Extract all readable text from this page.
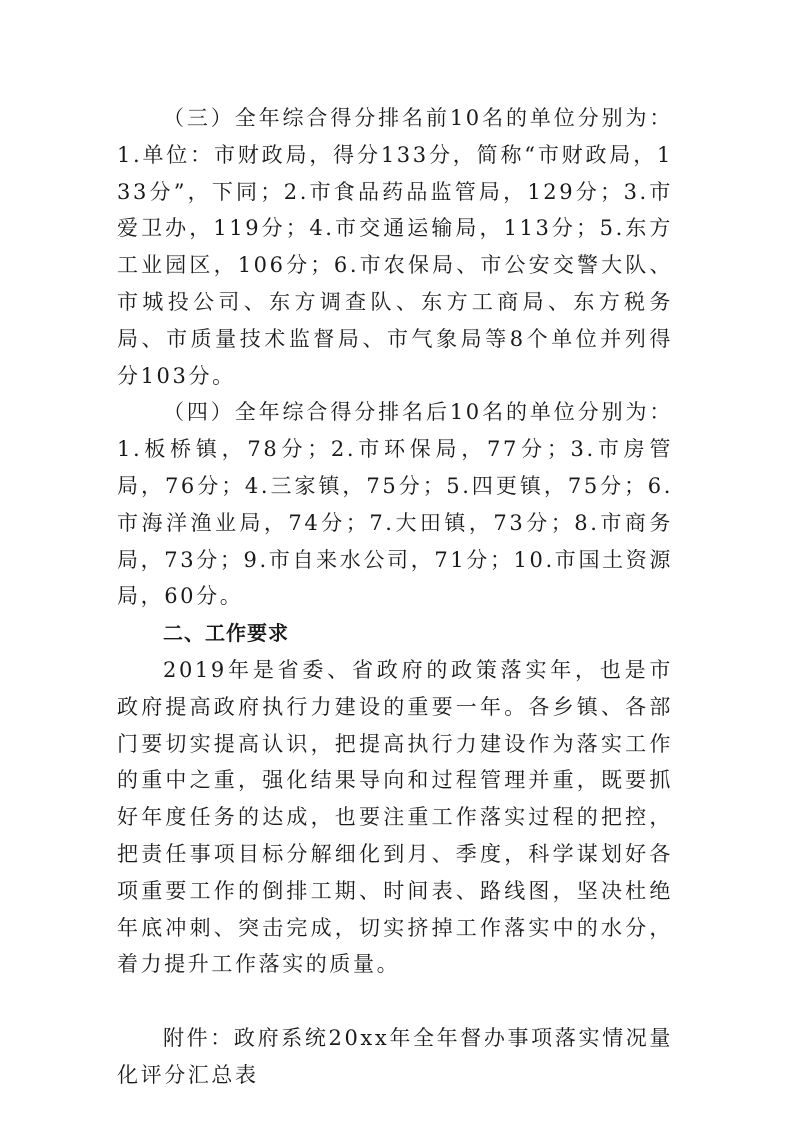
（三）全年综合得分排名前10名的单位分别为：1.单位：市财政局，得分133分，简称“市财政局，133分”，下同；2.市食品药品监管局，129分；3.市爱卫办，119分；4.市交通运输局，113分；5.东方工业园区，106分；6.市农保局、市公安交警大队、市城投公司、东方调查队、东方工商局、东方税务局、市质量技术监督局、市气象局等8个单位并列得分103分。

（四）全年综合得分排名后10名的单位分别为：1.板桥镇，78分；2.市环保局，77分；3.市房管局，76分；4.三家镇，75分；5.四更镇，75分；6.市海洋渔业局，74分；7.大田镇，73分；8.市商务局，73分；9.市自来水公司，71分；10.市国土资源局，60分。

二、工作要求

2019年是省委、省政府的政策落实年，也是市政府提高政府执行力建设的重要一年。各乡镇、各部门要切实提高认识，把提高执行力建设作为落实工作的重中之重，强化结果导向和过程管理并重，既要抓好年度任务的达成，也要注重工作落实过程的把控，把责任事项目标分解细化到月、季度，科学谋划好各项重要工作的倒排工期、时间表、路线图，坚决杜绝年底冲刺、突击完成，切实挤掉工作落实中的水分，着力提升工作落实的质量。

附件：政府系统20xx年全年督办事项落实情况量化评分汇总表
